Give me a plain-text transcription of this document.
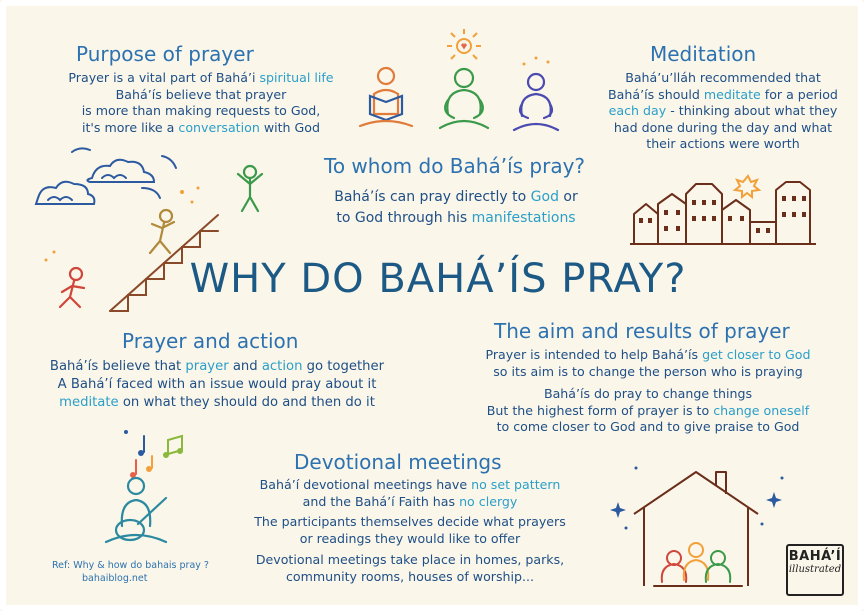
WHY DO BAHÁ’ÍS PRAY?
Purpose of prayer
Prayer is a vital part of Bahá’i spiritual life
Bahá’ís believe that prayer
is more than making requests to God,
it's more like a conversation with God
Meditation
Bahá’u’lláh recommended that
Bahá’ís should meditate for a period
each day - thinking about what they
had done during the day and what
their actions were worth
To whom do Bahá’ís pray?
Bahá’ís can pray directly to God or
to God through his manifestations
Prayer and action
Bahá’ís believe that prayer and action go together
A Bahá’í faced with an issue would pray about it
meditate on what they should do and then do it
The aim and results of prayer
Prayer is intended to help Bahá’ís get closer to God
so its aim is to change the person who is praying
Bahá’ís do pray to change things
But the highest form of prayer is to change oneself
to come closer to God and to give praise to God
Devotional meetings
Bahá’í devotional meetings have no set pattern
and the Bahá’í Faith has no clergy
The participants themselves decide what prayers
or readings they would like to offer
Devotional meetings take place in homes, parks,
community rooms, houses of worship...
Ref: Why & how do bahais pray ?
bahaiblog.net
BAHÁ’Í
illustrated
